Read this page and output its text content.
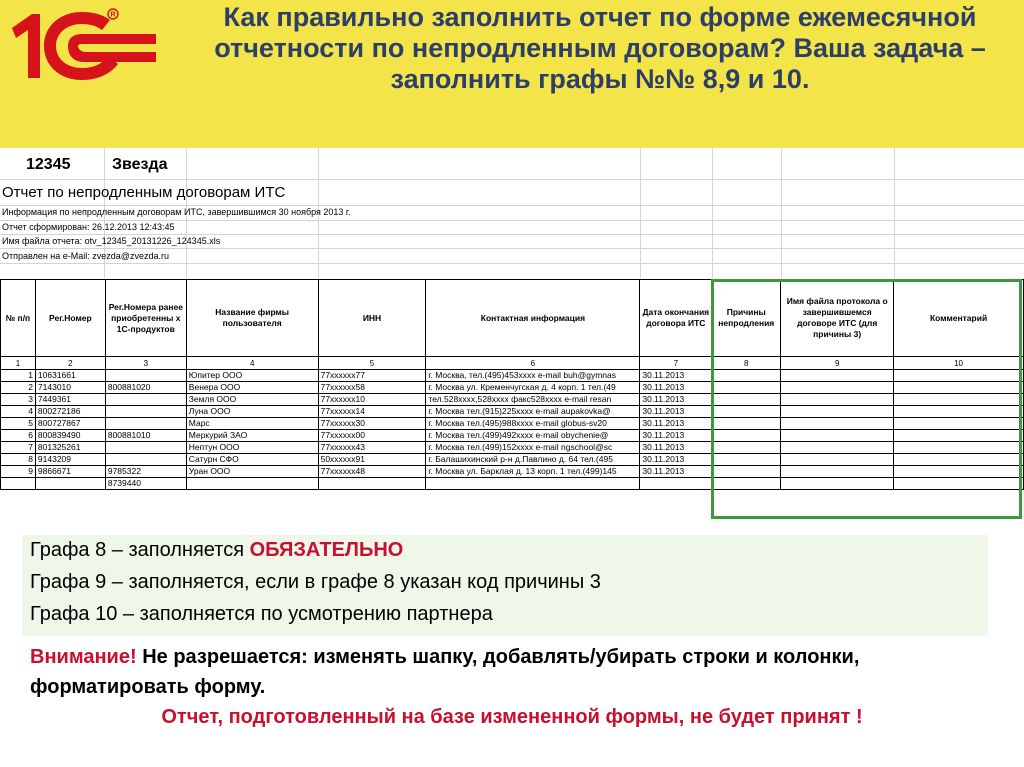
R	Как правильно заполнить отчет по форме ежемесячной отчетности по непродленным договорам? Ваша задача – заполнить графы №№ 8,9 и 10.
12345	Звезда
Отчет по непродленным договорам ИТС
Информация по непродленным договорам ИТС, завершившимся 30 ноября 2013 г.
Отчет сформирован: 26.12.2013 12:43:45
Имя файла отчета: otv_12345_20131226_124345.xls
Отправлен на e-Mail: zvezda@zvezda.ru
№ п/п	Рег.Номер	Рег.Номера ранее приобретенны х 1С-продуктов	Название фирмы пользователя	ИНН	Контактная информация	Дата окончания договора ИТС	Причины непродления	Имя файла протокола о завершившемся договоре ИТС (для причины 3)	Комментарий
1	2	3	4	5	6	7	8	9	10
1	10631661		Юпитер ООО	77xxxxxx77	г. Москва, тел.(495)453xxxx e-mail buh@gymnas	30.11.2013			
2	7143010	800881020	Венера ООО	77xxxxxx58	г. Москва ул. Кременчугская д. 4 корп. 1 тел.(49	30.11.2013			
3	7449361		Земля ООО	77xxxxxx10	тел.528xxxx,528xxxx факс528xxxx e-mail resan	30.11.2013			
4	800272186		Луна ООО	77xxxxxx14	г. Москва тел.(915)225xxxx e-mail aupakovka@	30.11.2013			
5	800727867		Марс	77xxxxxx30	г. Москва тел.(495)988xxxx e-mail globus-sv20	30.11.2013			
6	800839490	800881010	Меркурий ЗАО	77xxxxxx00	г. Москва тел.(499)492xxxx e-mail obychenie@	30.11.2013			
7	801325261		Нептун ООО	77xxxxxx43	г. Москва тел.(499)152xxxx e-mail ngschool@sc	30.11.2013			
8	9143209		Сатурн СФО	50xxxxxx91	г. Балашихинский р-н д.Павлино д. 64 тел.(495	30.11.2013			
9	9866671	9785322	Уран ООО	77xxxxxx48	г. Москва ул. Барклая д. 13 корп. 1 тел.(499)145	30.11.2013			
		8739440							
Графа 8 – заполняется ОБЯЗАТЕЛЬНО
Графа 9 – заполняется, если в графе 8 указан код причины 3
Графа 10 – заполняется по усмотрению партнера
Внимание! Не разрешается: изменять шапку, добавлять/убирать строки и колонки, форматировать форму.
Отчет, подготовленный на базе измененной формы, не будет принят !
